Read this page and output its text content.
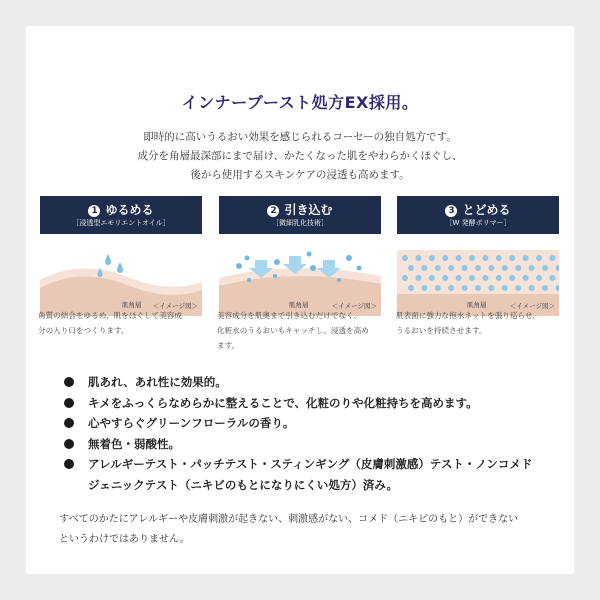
インナーブースト処方EX採用。
即時的に高いうるおい効果を感じられるコーセーの独自処方です。
成分を角層最深部にまで届け、かたくなった肌をやわらかくほぐし、
後から使用するスキンケアの浸透も高めます。
1 ゆるめる
［浸透型エモリエントオイル］
肌角層 ＜イメージ図＞
2 引き込む
［微細乳化技術］
肌角層	＜イメージ図＞
3 とどめる
［W 発酵ポリマー］
肌角層	＜イメージ図＞
角質の結合をゆるめ、肌をほぐして美容成
分の入り口をつくります。
美容成分を肌奥まで引き込むだけでなく、
化粧水のうるおいもキャッチし、浸透を高め
ます。
肌表面に強力な抱水ネットを張り巡らせ、
うるおいを持続させます。
肌あれ、あれ性に効果的。
キメをふっくらなめらかに整えることで、化粧のりや化粧持ちを高めます。
心やすらぐグリーンフローラルの香り。
無着色・弱酸性。
アレルギーテスト・パッチテスト・スティンギング（皮膚刺激感）テスト・ノンコメド
ジェニックテスト（ニキビのもとになりにくい処方）済み。
すべてのかたにアレルギーや皮膚刺激が起きない、刺激感がない、コメド（ニキビのもと）ができない
というわけではありません。
